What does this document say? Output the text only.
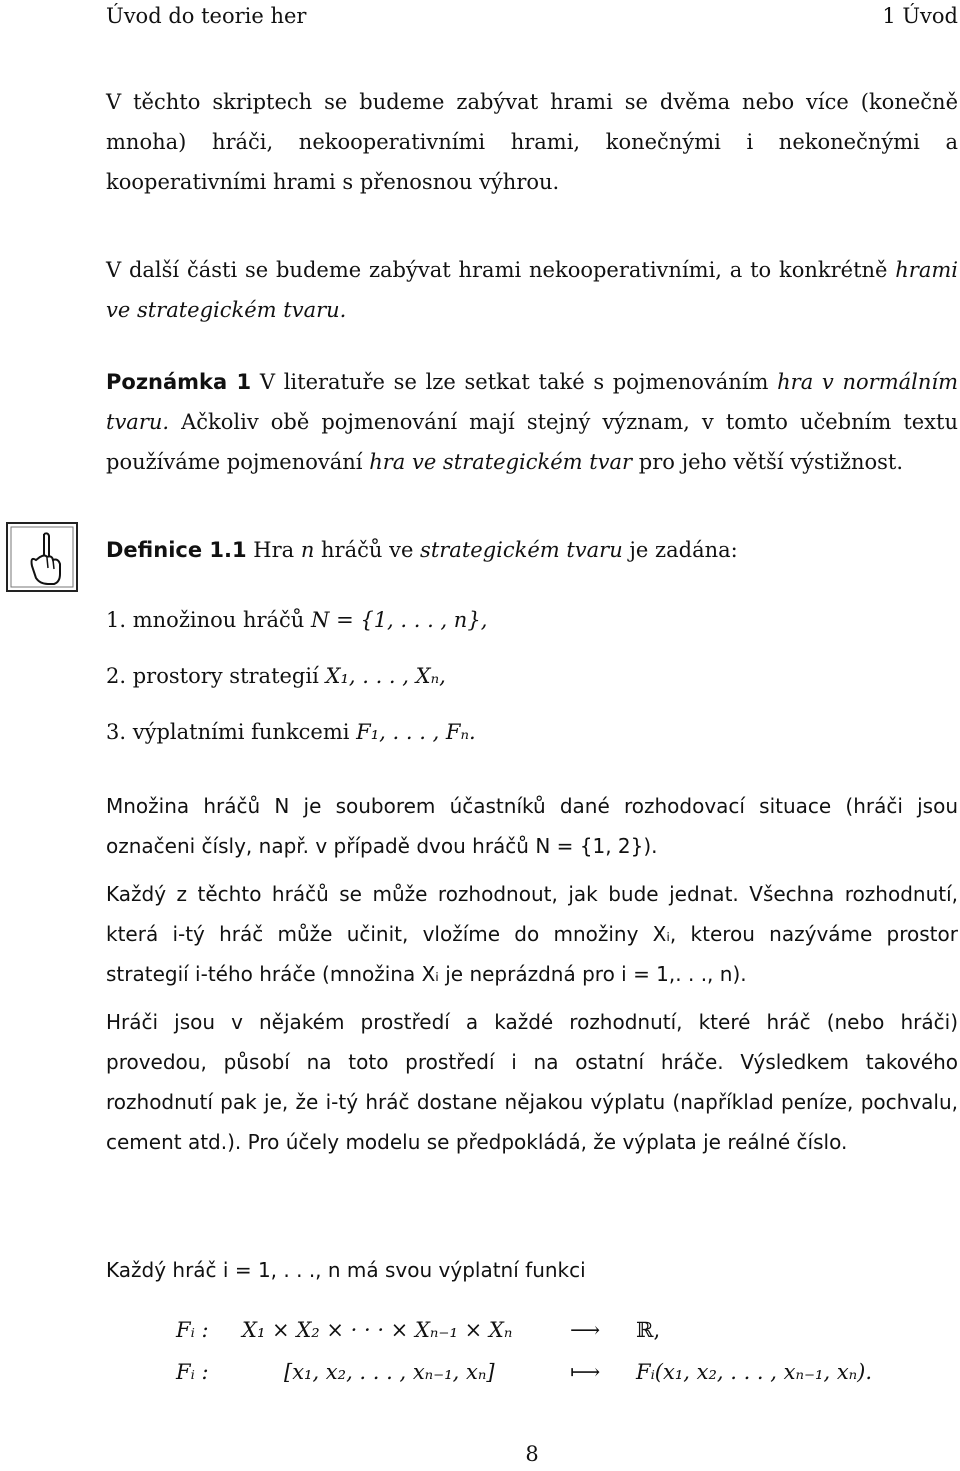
Úvod do teorie her	1 Úvod

V těchto skriptech se budeme zabývat hrami se dvěma nebo více (konečně mnoha) hráči, nekooperativními hrami, konečnými i nekonečnými a kooperativními hrami s přenosnou výhrou.

V další části se budeme zabývat hrami nekooperativními, a to konkrétně hrami ve strategickém tvaru.

Poznámka 1 V literatuře se lze setkat také s pojmenováním hra v normálním tvaru. Ačkoliv obě pojmenování mají stejný význam, v tomto učebním textu používáme pojmenování hra ve strategickém tvar pro jeho větší výstižnost.

Definice 1.1 Hra n hráčů ve strategickém tvaru je zadána:

1. množinou hráčů N = {1, . . . , n},
2. prostory strategií X₁, . . . , Xₙ,
3. výplatními funkcemi F₁, . . . , Fₙ.

Množina hráčů N je souborem účastníků dané rozhodovací situace (hráči jsou označeni čísly, např. v případě dvou hráčů N = {1, 2}).

Každý z těchto hráčů se může rozhodnout, jak bude jednat. Všechna rozhodnutí, která i-tý hráč může učinit, vložíme do množiny Xᵢ, kterou nazýváme prostor strategií i-tého hráče (množina Xᵢ je neprázdná pro i = 1,. . ., n).

Hráči jsou v nějakém prostředí a každé rozhodnutí, které hráč (nebo hráči) provedou, působí na toto prostředí i na ostatní hráče. Výsledkem takového rozhodnutí pak je, že i-tý hráč dostane nějakou výplatu (například peníze, pochvalu, cement atd.). Pro účely modelu se předpokládá, že výplata je reálné číslo.

Každý hráč i = 1, . . ., n má svou výplatní funkci

Fᵢ : X₁ × X₂ × · · · × Xₙ₋₁ × Xₙ	⟶ ℝ,
Fᵢ :	[x₁, x₂, . . . , xₙ₋₁, xₙ]	⟼ Fᵢ(x₁, x₂, . . . , xₙ₋₁, xₙ).
8
